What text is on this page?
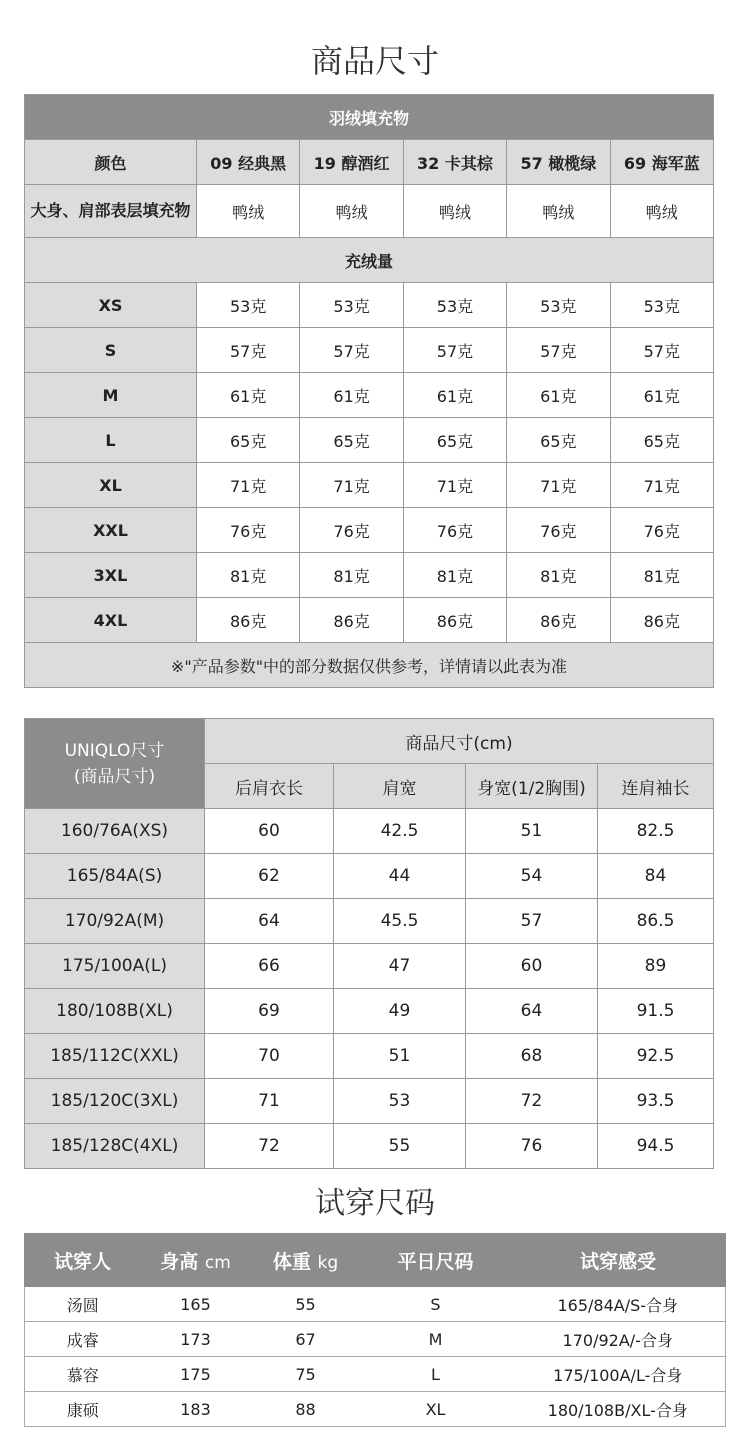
商品尺寸
羽绒填充物					
颜色	09 经典黑	19 醇酒红	32 卡其棕	57 橄榄绿	69 海军蓝
大身、肩部表层填充物	鸭绒	鸭绒	鸭绒	鸭绒	鸭绒
充绒量					
XS	53克	53克	53克	53克	53克
S	57克	57克	57克	57克	57克
M	61克	61克	61克	61克	61克
L	65克	65克	65克	65克	65克
XL	71克	71克	71克	71克	71克
XXL	76克	76克	76克	76克	76克
3XL	81克	81克	81克	81克	81克
4XL	86克	86克	86克	86克	86克
※"产品参数"中的部分数据仅供参考，详情请以此表为准					
UNIQLO尺寸
(商品尺寸)	商品尺寸(cm)			
	后肩衣长	肩宽	身宽(1/2胸围)	连肩袖长
160/76A(XS)	60	42.5	51	82.5
165/84A(S)	62	44	54	84
170/92A(M)	64	45.5	57	86.5
175/100A(L)	66	47	60	89
180/108B(XL)	69	49	64	91.5
185/112C(XXL)	70	51	68	92.5
185/120C(3XL)	71	53	72	93.5
185/128C(4XL)	72	55	76	94.5
试穿尺码
试穿人	身高 cm	体重 kg	平日尺码	试穿感受
汤圆	165	55	S	165/84A/S-合身
成睿	173	67	M	170/92A/-合身
慕容	175	75	L	175/100A/L-合身
康硕	183	88	XL	180/108B/XL-合身
